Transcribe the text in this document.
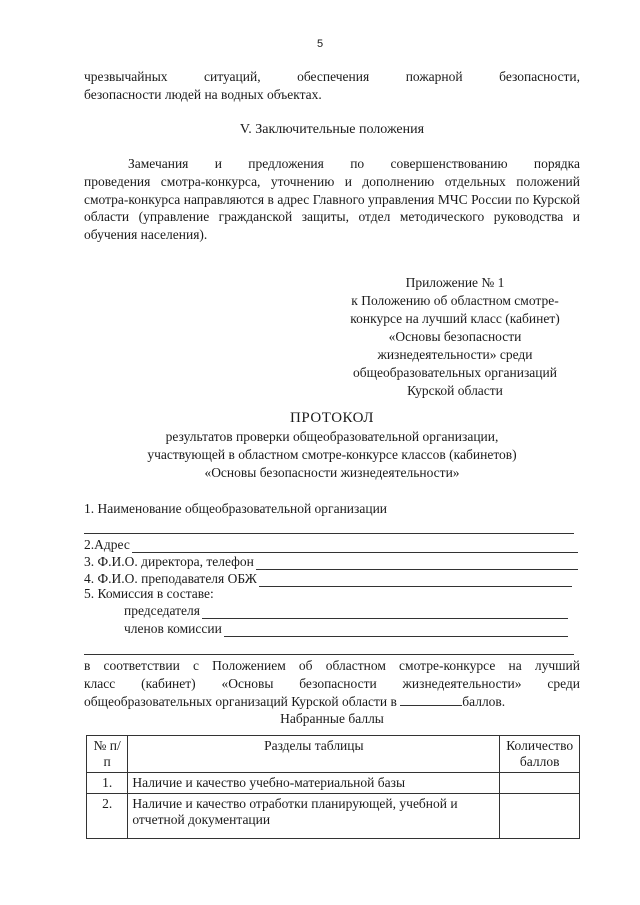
5
чрезвычайных ситуаций, обеспечения пожарной безопасности,
безопасности людей на водных объектах.
V. Заключительные положения
Замечания и предложения по совершенствованию порядка
проведения смотра-конкурса, уточнению и дополнению отдельных положений смотра-конкурса направляются в адрес Главного управления МЧС России по Курской области (управление гражданской защиты, отдел методического руководства и обучения населения).
Приложение № 1
к Положению об областном смотре-
конкурсе на лучший класс (кабинет)
«Основы безопасности
жизнедеятельности» среди
общеобразовательных организаций
Курской области
ПРОТОКОЛ
результатов проверки общеобразовательной организации,
участвующей в областном смотре-конкурсе классов (кабинетов)
«Основы безопасности жизнедеятельности»
1. Наименование общеобразовательной организации
2.Адрес
3. Ф.И.О. директора, телефон
4. Ф.И.О. преподавателя ОБЖ
5. Комиссия в составе:
председателя
членов комиссии
в соответствии с Положением об областном смотре-конкурсе на лучший
класс (кабинет) «Основы безопасности жизнедеятельности» среди
общеобразовательных организаций Курской области в	баллов.
Набранные баллы
№ п/п	Разделы таблицы	Количество баллов
1.	Наличие и качество учебно-материальной базы	
2.	Наличие и качество отработки планирующей, учебной и отчетной документации	
